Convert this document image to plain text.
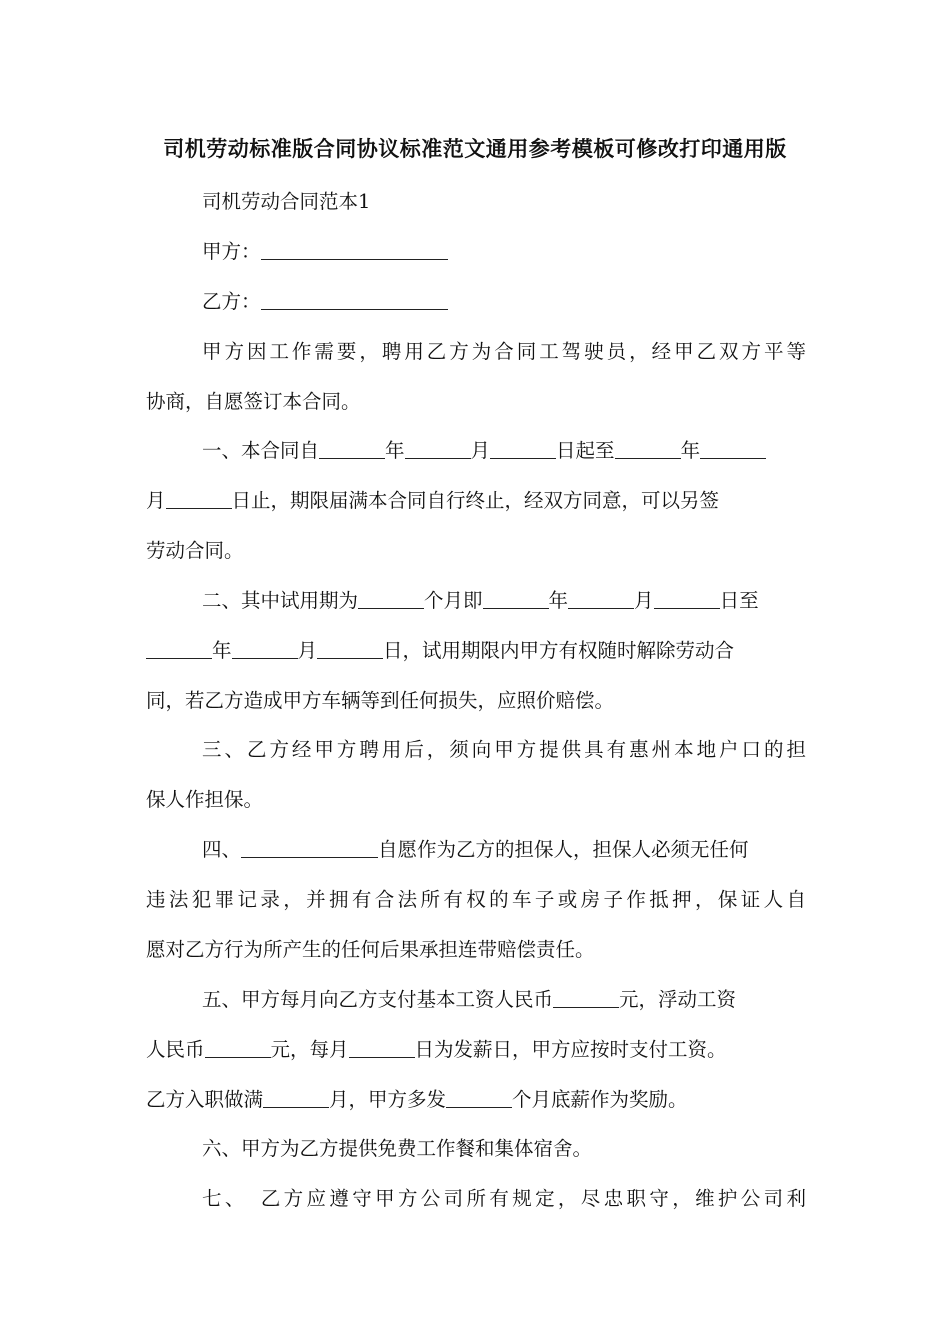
司机劳动标准版合同协议标准范文通用参考模板可修改打印通用版
司机劳动合同范本1
甲方：
乙方：
甲方因工作需要，聘用乙方为合同工驾驶员，经甲乙双方平等
协商，自愿签订本合同。
一、本合同自	年	月	日起至	年
月	日止，期限届满本合同自行终止，经双方同意，可以另签
劳动合同。
二、其中试用期为	个月即	年	月	日至
年	月	日，试用期限内甲方有权随时解除劳动合
同，若乙方造成甲方车辆等到任何损失，应照价赔偿。
三、乙方经甲方聘用后，须向甲方提供具有惠州本地户口的担
保人作担保。
四、	自愿作为乙方的担保人，担保人必须无任何
违法犯罪记录，并拥有合法所有权的车子或房子作抵押，保证人自
愿对乙方行为所产生的任何后果承担连带赔偿责任。
五、甲方每月向乙方支付基本工资人民币	元，浮动工资
人民币	元，每月	日为发薪日，甲方应按时支付工资。
乙方入职做满	月，甲方多发	个月底薪作为奖励。
六、甲方为乙方提供免费工作餐和集体宿舍。
七、　乙方应遵守甲方公司所有规定，尽忠职守，维护公司利
